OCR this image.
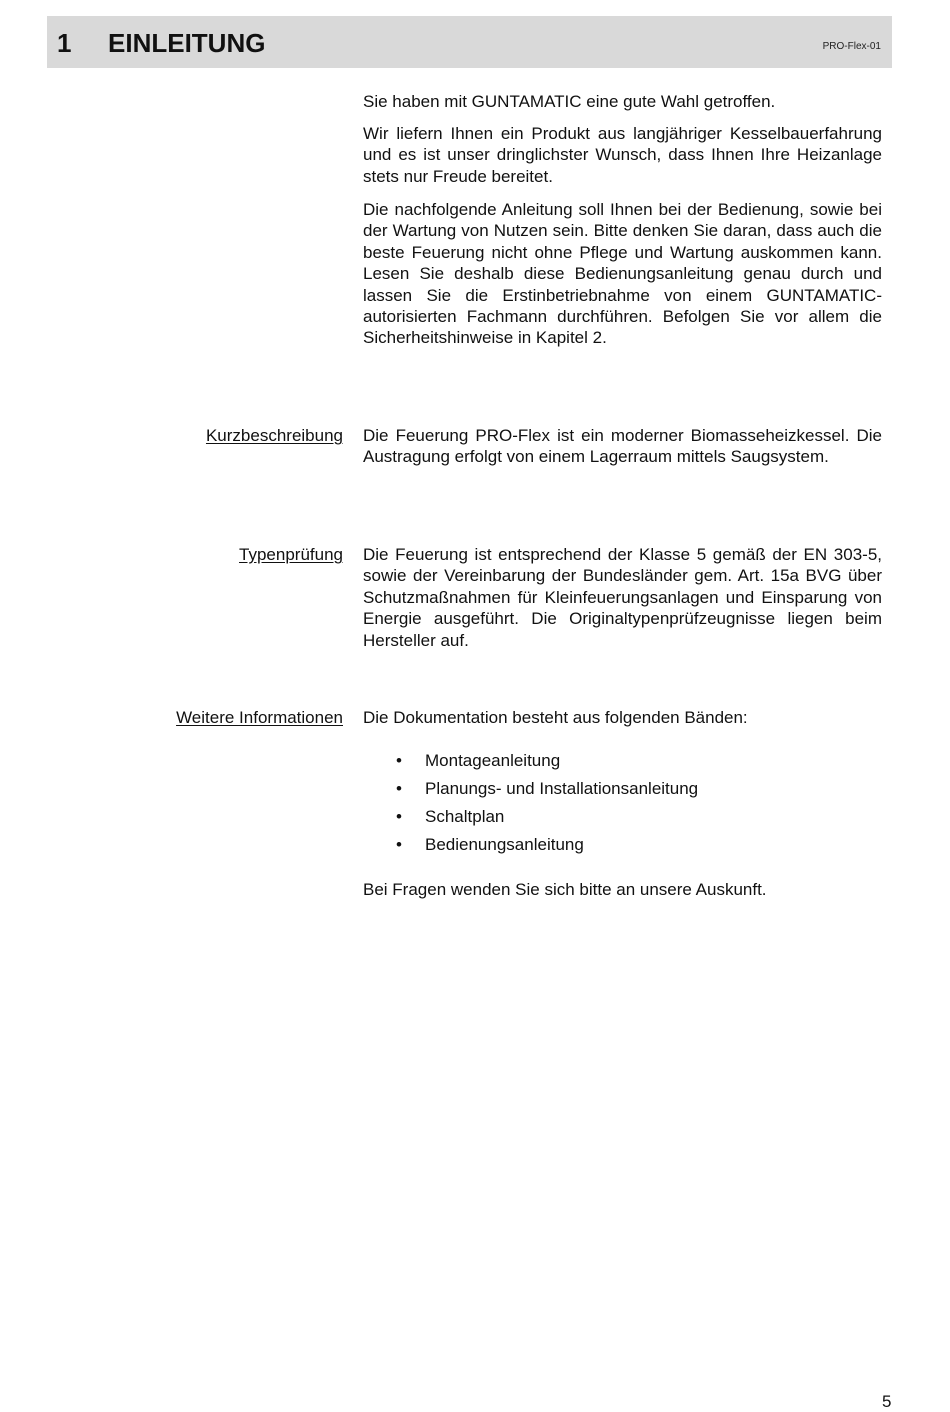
1 EINLEITUNG	PRO-Flex-01

Sie haben mit GUNTAMATIC eine gute Wahl getroffen.

Wir liefern Ihnen ein Produkt aus langjähriger Kesselbauerfahrung und es ist unser dringlichster Wunsch, dass Ihnen Ihre Heizanlage stets nur Freude bereitet.

Die nachfolgende Anleitung soll Ihnen bei der Bedienung, sowie bei der Wartung von Nutzen sein. Bitte denken Sie daran, dass auch die beste Feuerung nicht ohne Pflege und Wartung auskommen kann. Lesen Sie deshalb diese Bedienungsanleitung genau durch und lassen Sie die Erstinbetriebnahme von einem GUNTAMATIC-autorisierten Fachmann durchführen. Befolgen Sie vor allem die Sicherheitshinweise in Kapitel 2.

Kurzbeschreibung Die Feuerung PRO-Flex ist ein moderner Biomasseheizkessel. Die Austragung erfolgt von einem Lagerraum mittels Saugsystem.

Typenprüfung Die Feuerung ist entsprechend der Klasse 5 gemäß der EN 303-5, sowie der Vereinbarung der Bundesländer gem. Art. 15a BVG über Schutzmaßnahmen für Kleinfeuerungsanlagen und Einsparung von Energie ausgeführt. Die Originaltypenprüfzeugnisse liegen beim Hersteller auf.

Weitere Informationen Die Dokumentation besteht aus folgenden Bänden:

• Montageanleitung
• Planungs- und Installationsanleitung
• Schaltplan
• Bedienungsanleitung

Bei Fragen wenden Sie sich bitte an unsere Auskunft.

5
